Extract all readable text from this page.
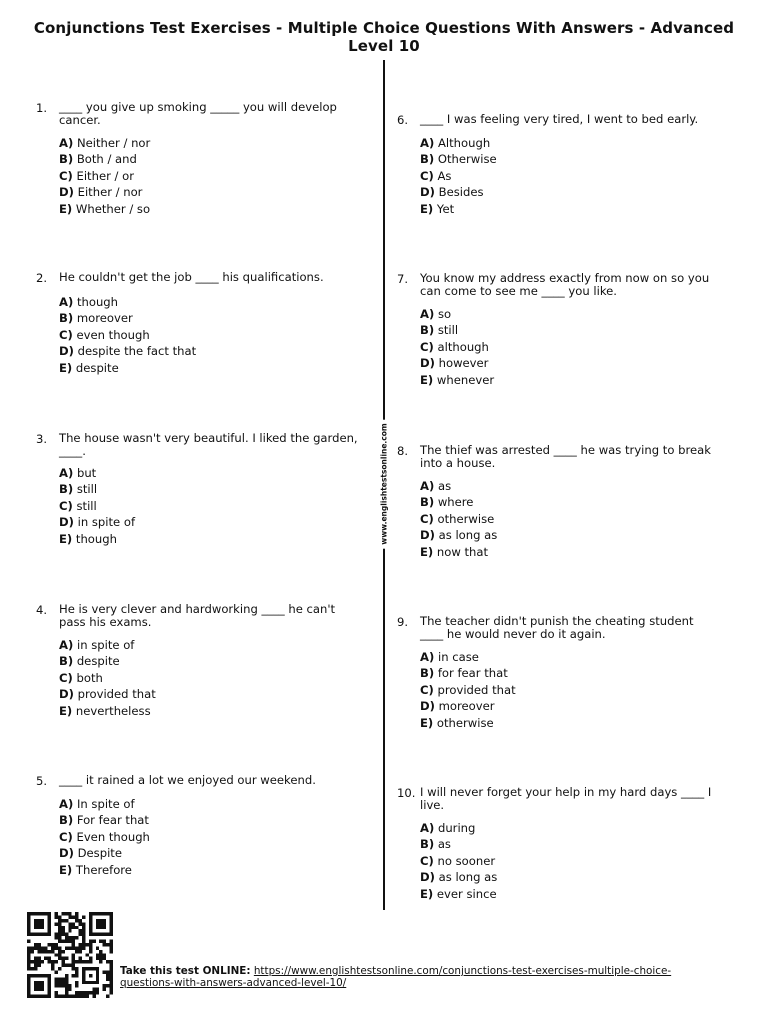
Conjunctions Test Exercises - Multiple Choice Questions With Answers - Advanced Level 10
www.englishtestsonline.com
1.	____ you give up smoking _____ you will develop cancer.
A) Neither / nor
B) Both / and
C) Either / or
D) Either / nor
E) Whether / so
2.	He couldn't get the job ____ his qualifications.
A) though
B) moreover
C) even though
D) despite the fact that
E) despite
3.	The house wasn't very beautiful. I liked the garden, ____.
A) but
B) still
C) still
D) in spite of
E) though
4.	He is very clever and hardworking ____ he can't pass his exams.
A) in spite of
B) despite
C) both
D) provided that
E) nevertheless
5.	____ it rained a lot we enjoyed our weekend.
A) In spite of
B) For fear that
C) Even though
D) Despite
E) Therefore
6.	____ I was feeling very tired, I went to bed early.
A) Although
B) Otherwise
C) As
D) Besides
E) Yet
7.	You know my address exactly from now on so you can come to see me ____ you like.
A) so
B) still
C) although
D) however
E) whenever
8.	The thief was arrested ____ he was trying to break into a house.
A) as
B) where
C) otherwise
D) as long as
E) now that
9.	The teacher didn't punish the cheating student ____ he would never do it again.
A) in case
B) for fear that
C) provided that
D) moreover
E) otherwise
10. I will never forget your help in my hard days ____ I live.
A) during
B) as
C) no sooner
D) as long as
E) ever since
Take this test ONLINE: https://www.englishtestsonline.com/conjunctions-test-exercises-multiple-choice-questions-with-answers-advanced-level-10/
